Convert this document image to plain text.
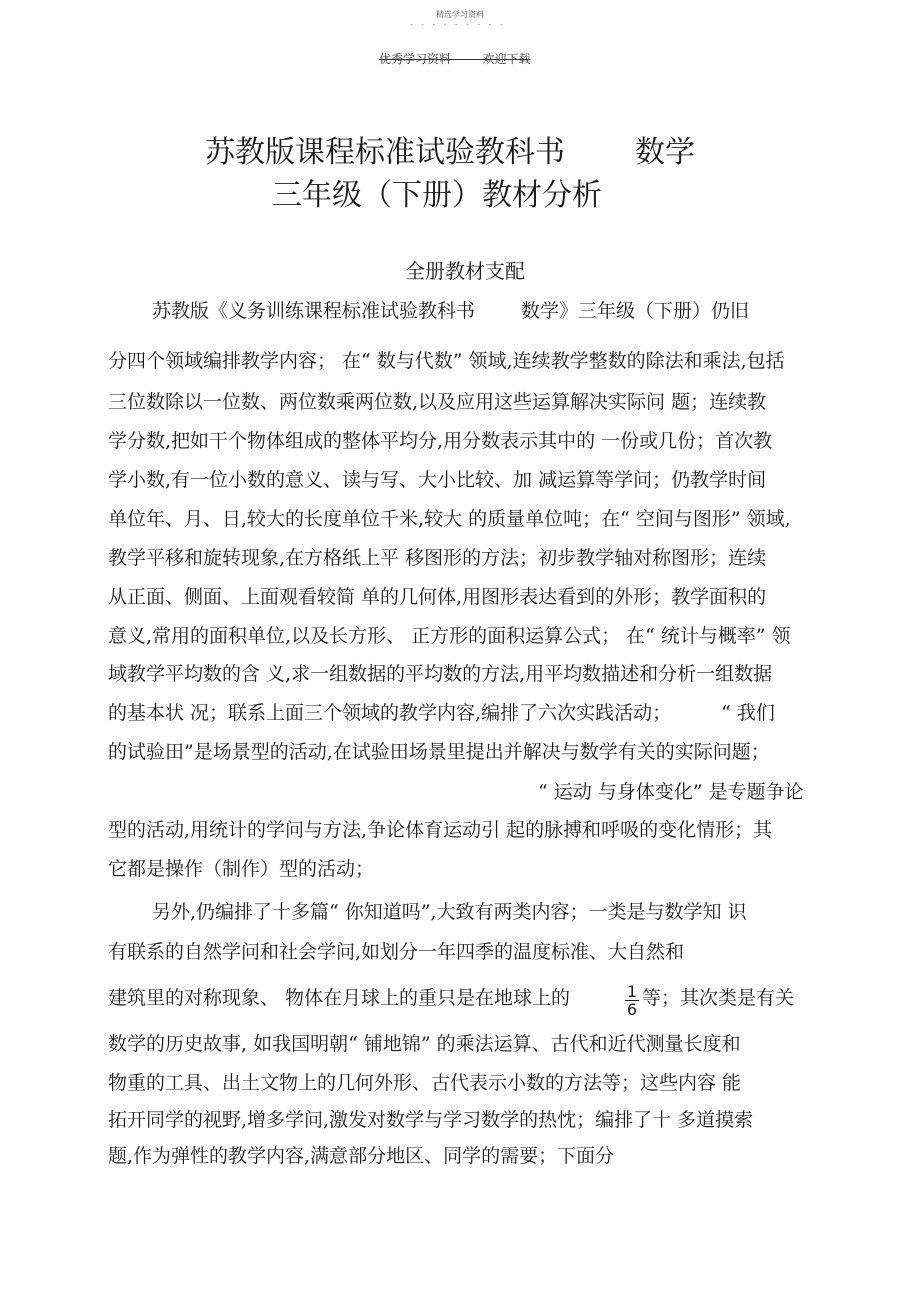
精选学习资料
- - - - - - - - -
优秀学习资料 - - - -欢迎下载
苏教版课程标准试验教科书 数学
三年级（下册）教材分析
全册教材支配
苏教版《义务训练课程标准试验教科书 数学》三年级（下册）仍旧
分四个领域编排教学内容； 在“ 数与代数” 领域,连续教学整数的除法和乘法,包括
三位数除以一位数、两位数乘两位数,以及应用这些运算解决实际问 题；连续教
学分数,把如干个物体组成的整体平均分,用分数表示其中的 一份或几份；首次教
学小数,有一位小数的意义、读与写、大小比较、加 减运算等学问；仍教学时间
单位年、月、日,较大的长度单位千米,较大 的质量单位吨；在“ 空间与图形” 领域,
教学平移和旋转现象,在方格纸上平 移图形的方法；初步教学轴对称图形；连续
从正面、侧面、上面观看较简 单的几何体,用图形表达看到的外形；教学面积的
意义,常用的面积单位,以及长方形、 正方形的面积运算公式； 在“ 统计与概率” 领
域教学平均数的含 义,求一组数据的平均数的方法,用平均数描述和分析一组数据
的基本状 况；联系上面三个领域的教学内容,编排了六次实践活动；	“ 我们
的试验田”是场景型的活动,在试验田场景里提出并解决与数学有关的实际问题；
“ 运动 与身体变化” 是专题争论
型的活动,用统计的学问与方法,争论体育运动引 起的脉搏和呼吸的变化情形；其
它都是操作（制作）型的活动；
另外,仍编排了十多篇“ 你知道吗”,大致有两类内容；一类是与数学知 识
有联系的自然学问和社会学问,如划分一年四季的温度标准、大自然和
建筑里的对称现象、 物体在月球上的重只是在地球上的	$\frac{1}{6}$ 等；其次类是有关
数学的历史故事, 如我国明朝“ 铺地锦” 的乘法运算、古代和近代测量长度和
物重的工具、出土文物上的几何外形、古代表示小数的方法等；这些内容 能
拓开同学的视野,增多学问,激发对数学与学习数学的热忱；编排了十 多道摸索
题,作为弹性的教学内容,满意部分地区、同学的需要；下面分
